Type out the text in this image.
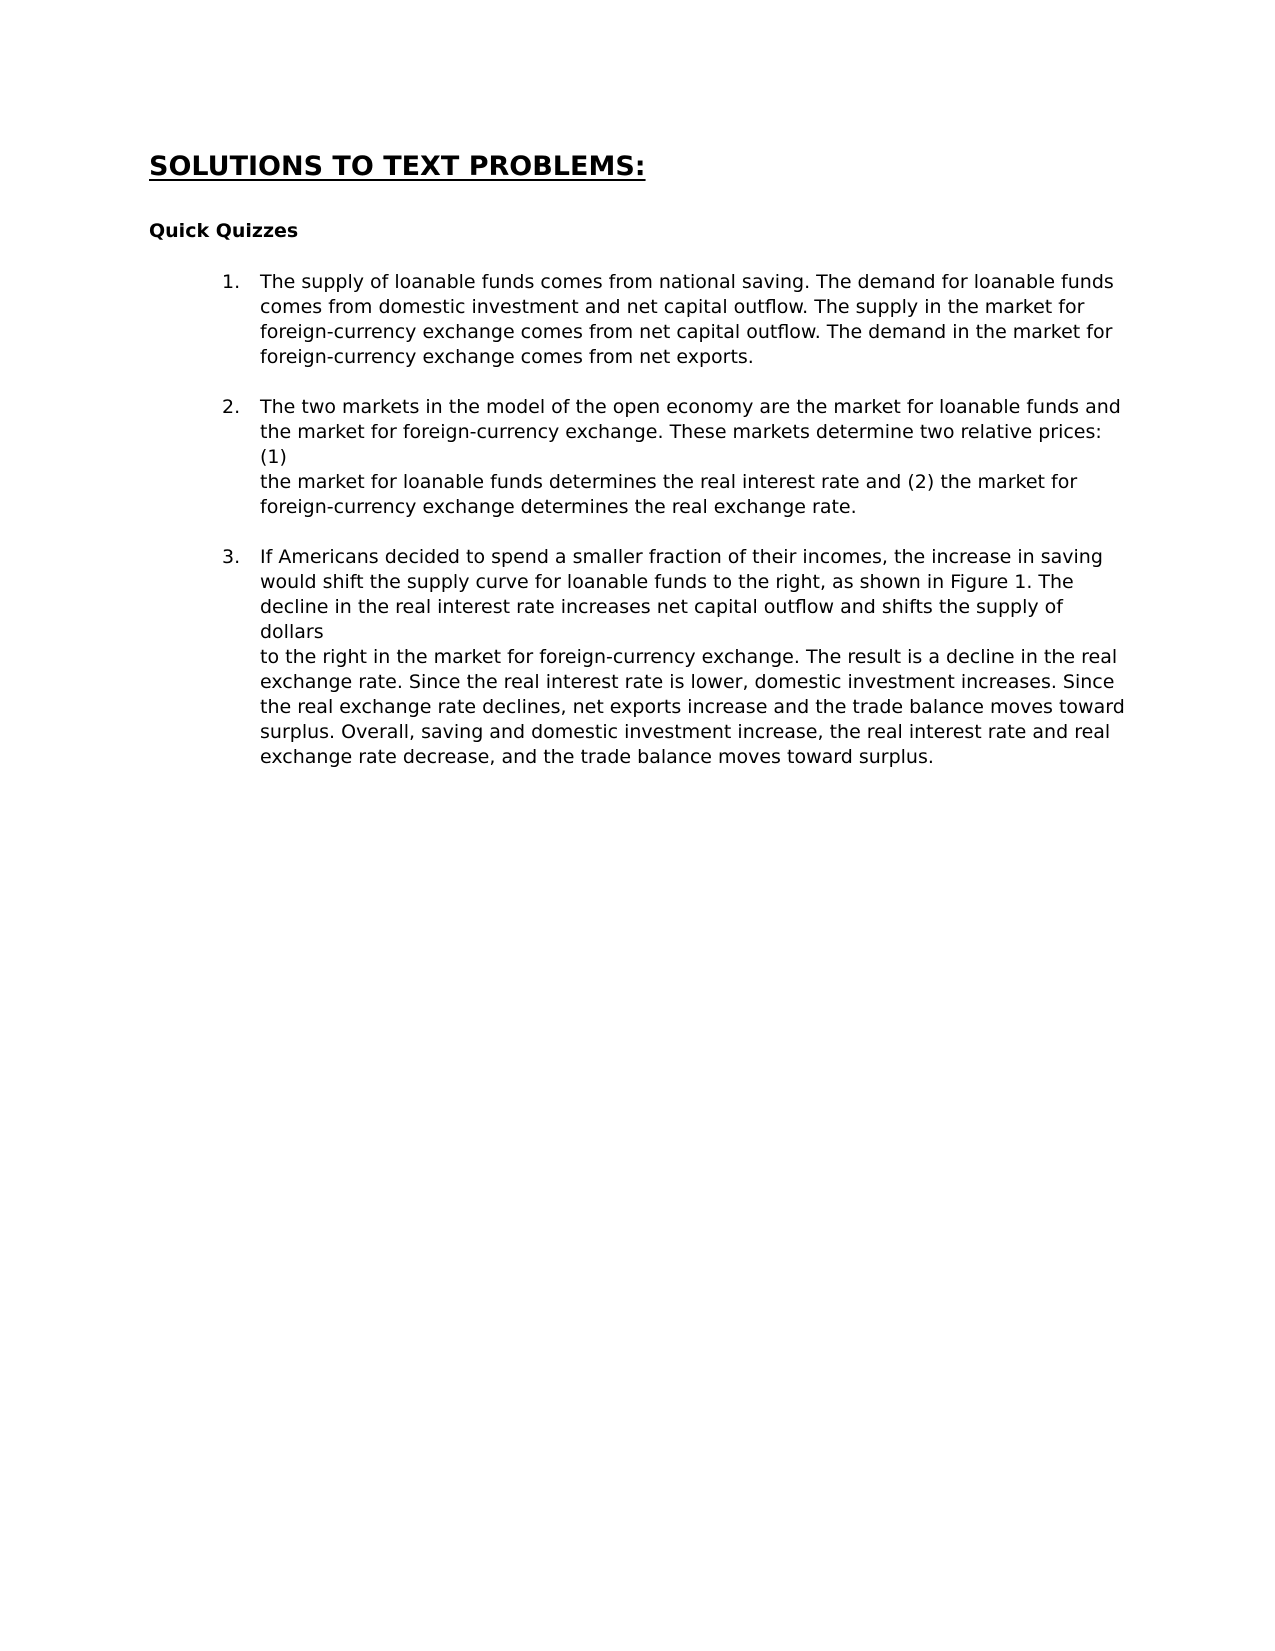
SOLUTIONS TO TEXT PROBLEMS:
Quick Quizzes
1. The supply of loanable funds comes from national saving. The demand for loanable funds
comes from domestic investment and net capital outflow. The supply in the market for
foreign-currency exchange comes from net capital outflow. The demand in the market for
foreign-currency exchange comes from net exports.

2. The two markets in the model of the open economy are the market for loanable funds and
the market for foreign-currency exchange. These markets determine two relative prices: (1)
the market for loanable funds determines the real interest rate and (2) the market for
foreign-currency exchange determines the real exchange rate.

3. If Americans decided to spend a smaller fraction of their incomes, the increase in saving
would shift the supply curve for loanable funds to the right, as shown in Figure 1. The
decline in the real interest rate increases net capital outflow and shifts the supply of dollars
to the right in the market for foreign-currency exchange. The result is a decline in the real
exchange rate. Since the real interest rate is lower, domestic investment increases. Since
the real exchange rate declines, net exports increase and the trade balance moves toward
surplus. Overall, saving and domestic investment increase, the real interest rate and real
exchange rate decrease, and the trade balance moves toward surplus.
